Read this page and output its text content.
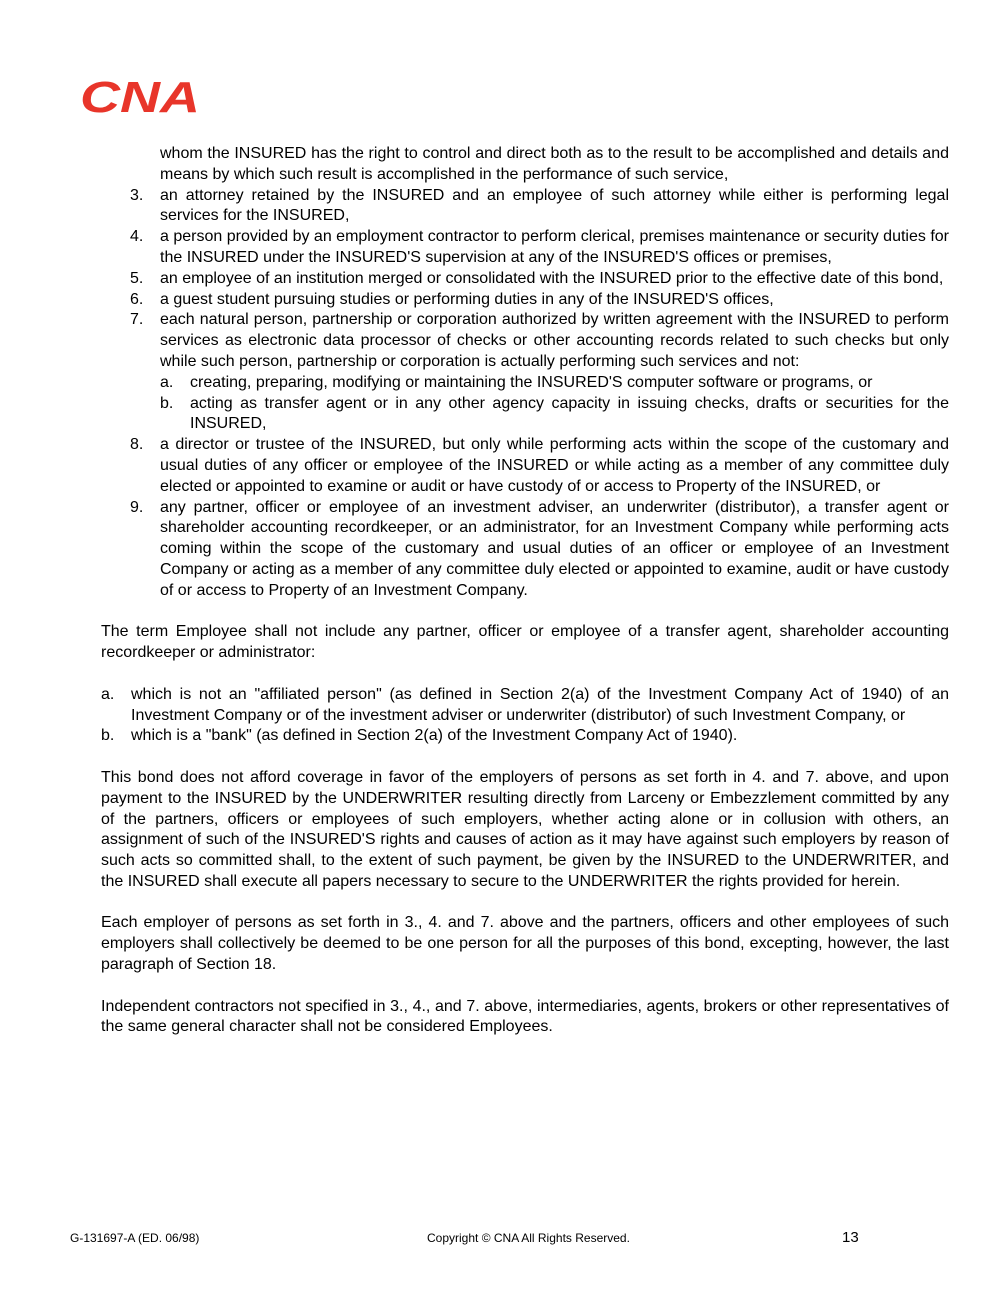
CNA
whom the INSURED has the right to control and direct both as to the result to be accomplished and details and means by which such result is accomplished in the performance of such service,
3. an attorney retained by the INSURED and an employee of such attorney while either is performing legal services for the INSURED,
4. a person provided by an employment contractor to perform clerical, premises maintenance or security duties for the INSURED under the INSURED'S supervision at any of the INSURED'S offices or premises,
5. an employee of an institution merged or consolidated with the INSURED prior to the effective date of this bond,
6. a guest student pursuing studies or performing duties in any of the INSURED'S offices,
7. each natural person, partnership or corporation authorized by written agreement with the INSURED to perform services as electronic data processor of checks or other accounting records related to such checks but only while such person, partnership or corporation is actually performing such services and not:
a. creating, preparing, modifying or maintaining the INSURED'S computer software or programs, or
b. acting as transfer agent or in any other agency capacity in issuing checks, drafts or securities for the INSURED,
8. a director or trustee of the INSURED, but only while performing acts within the scope of the customary and usual duties of any officer or employee of the INSURED or while acting as a member of any committee duly elected or appointed to examine or audit or have custody of or access to Property of the INSURED, or
9. any partner, officer or employee of an investment adviser, an underwriter (distributor), a transfer agent or shareholder accounting recordkeeper, or an administrator, for an Investment Company while performing acts coming within the scope of the customary and usual duties of an officer or employee of an Investment Company or acting as a member of any committee duly elected or appointed to examine, audit or have custody of or access to Property of an Investment Company.

The term Employee shall not include any partner, officer or employee of a transfer agent, shareholder accounting recordkeeper or administrator:

a. which is not an "affiliated person" (as defined in Section 2(a) of the Investment Company Act of 1940) of an Investment Company or of the investment adviser or underwriter (distributor) of such Investment Company, or
b. which is a "bank" (as defined in Section 2(a) of the Investment Company Act of 1940).

This bond does not afford coverage in favor of the employers of persons as set forth in 4. and 7. above, and upon payment to the INSURED by the UNDERWRITER resulting directly from Larceny or Embezzlement committed by any of the partners, officers or employees of such employers, whether acting alone or in collusion with others, an assignment of such of the INSURED'S rights and causes of action as it may have against such employers by reason of such acts so committed shall, to the extent of such payment, be given by the INSURED to the UNDERWRITER, and the INSURED shall execute all papers necessary to secure to the UNDERWRITER the rights provided for herein.

Each employer of persons as set forth in 3., 4. and 7. above and the partners, officers and other employees of such employers shall collectively be deemed to be one person for all the purposes of this bond, excepting, however, the last paragraph of Section 18.

Independent contractors not specified in 3., 4., and 7. above, intermediaries, agents, brokers or other representatives of the same general character shall not be considered Employees.

G-131697-A (ED. 06/98)	Copyright © CNA All Rights Reserved.	13
